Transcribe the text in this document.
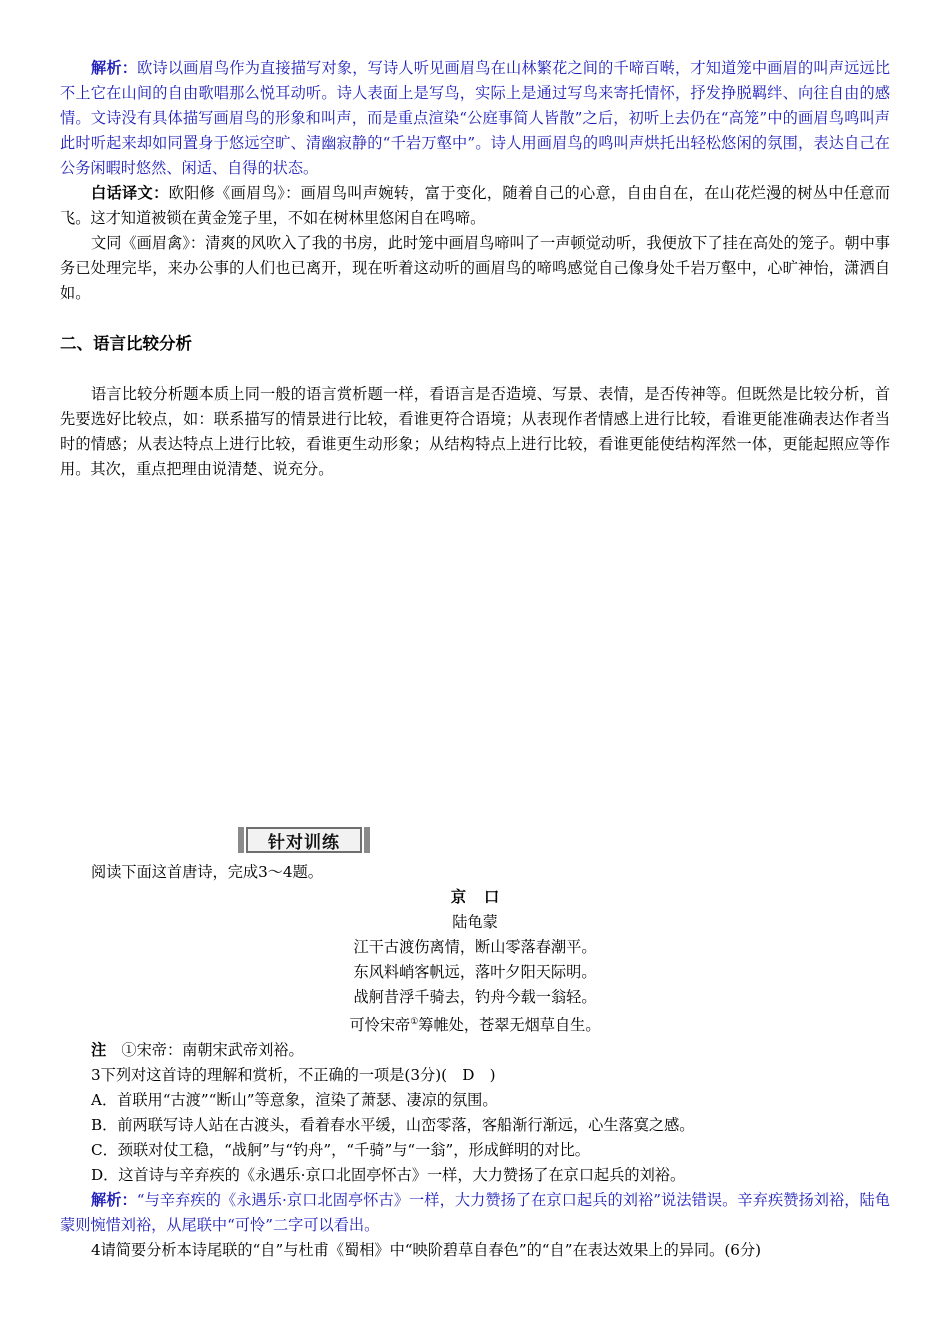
解析：欧诗以画眉鸟作为直接描写对象，写诗人听见画眉鸟在山林繁花之间的千啼百啭，才知道笼中画眉的叫声远远比不上它在山间的自由歌唱那么悦耳动听。诗人表面上是写鸟，实际上是通过写鸟来寄托情怀，抒发挣脱羁绊、向往自由的感情。文诗没有具体描写画眉鸟的形象和叫声，而是重点渲染“公庭事简人皆散”之后，初听上去仍在“高笼”中的画眉鸟鸣叫声此时听起来却如同置身于悠远空旷、清幽寂静的“千岩万壑中”。诗人用画眉鸟的鸣叫声烘托出轻松悠闲的氛围，表达自己在公务闲暇时悠然、闲适、自得的状态。

白话译文：欧阳修《画眉鸟》：画眉鸟叫声婉转，富于变化，随着自己的心意，自由自在，在山花烂漫的树丛中任意而飞。这才知道被锁在黄金笼子里，不如在树林里悠闲自在鸣啼。

文同《画眉禽》：清爽的风吹入了我的书房，此时笼中画眉鸟啼叫了一声顿觉动听，我便放下了挂在高处的笼子。朝中事务已处理完毕，来办公事的人们也已离开，现在听着这动听的画眉鸟的啼鸣感觉自己像身处千岩万壑中，心旷神怡，潇洒自如。

二、语言比较分析

语言比较分析题本质上同一般的语言赏析题一样，看语言是否造境、写景、表情，是否传神等。但既然是比较分析，首先要选好比较点，如：联系描写的情景进行比较，看谁更符合语境；从表现作者情感上进行比较，看谁更能准确表达作者当时的情感；从表达特点上进行比较，看谁更生动形象；从结构特点上进行比较，看谁更能使结构浑然一体，更能起照应等作用。其次，重点把理由说清楚、说充分。

针对训练

阅读下面这首唐诗，完成3～4题。

京口

陆龟蒙

江干古渡伤离情，断山零落春潮平。

东风料峭客帆远，落叶夕阳天际明。

战舸昔浮千骑去，钓舟今载一翁轻。

可怜宋帝①筹帷处，苍翠无烟草自生。

注　 ①宋帝：南朝宋武帝刘裕。

3下列对这首诗的理解和赏析，不正确的一项是(3分)(　D　)

A．首联用“古渡”“断山”等意象，渲染了萧瑟、凄凉的氛围。

B．前两联写诗人站在古渡头，看着春水平缓，山峦零落，客船渐行渐远，心生落寞之感。

C．颈联对仗工稳，“战舸”与“钓舟”，“千骑”与“一翁”，形成鲜明的对比。

D．这首诗与辛弃疾的《永遇乐·京口北固亭怀古》一样，大力赞扬了在京口起兵的刘裕。

解析：“与辛弃疾的《永遇乐·京口北固亭怀古》一样，大力赞扬了在京口起兵的刘裕”说法错误。辛弃疾赞扬刘裕，陆龟蒙则惋惜刘裕，从尾联中“可怜”二字可以看出。

4请简要分析本诗尾联的“自”与杜甫《蜀相》中“映阶碧草自春色”的“自”在表达效果上的异同。(6分)
